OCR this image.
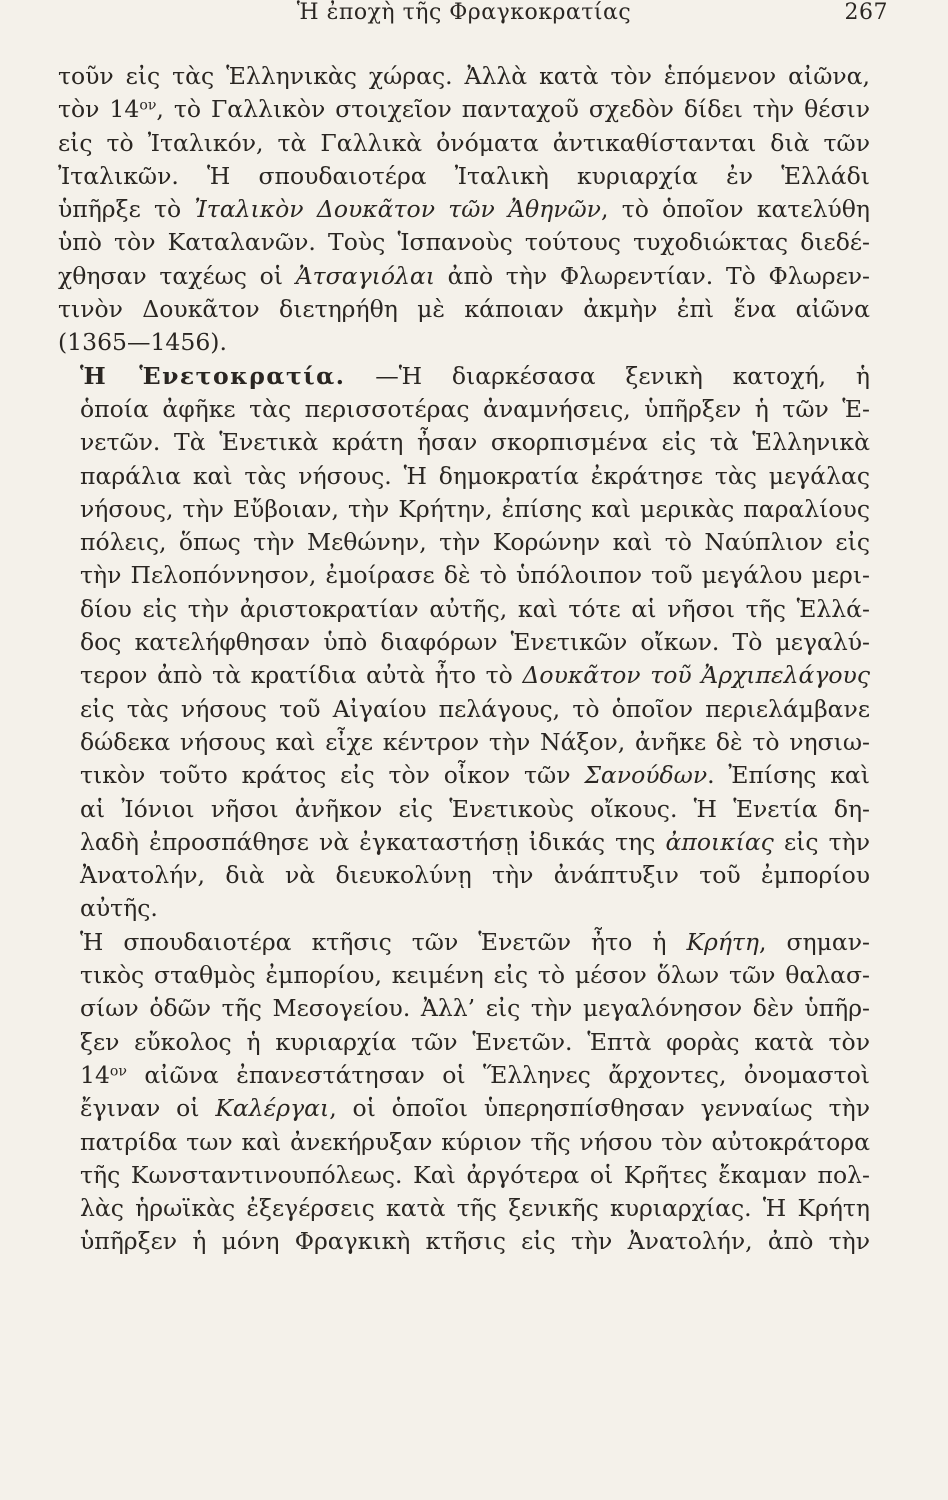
Ἡ ἐποχὴ τῆς Φραγκοκρατίας	267

τοῦν εἰς τὰς Ἑλληνικὰς χώρας. Ἀλλὰ κατὰ τὸν ἑπόμενον αἰῶνα,
τὸν $14^{o\nu}$, τὸ Γαλλικὸν στοιχεῖον πανταχοῦ σχεδὸν δίδει τὴν θέσιν
εἰς τὸ Ἰταλικόν, τὰ Γαλλικὰ ὀνόματα ἀντικαθίστανται διὰ τῶν
Ἰταλικῶν. Ἡ σπουδαιοτέρα Ἰταλικὴ κυριαρχία ἐν Ἑλλάδι
ὑπῆρξε τὸ Ἰταλικὸν Δουκᾶτον τῶν Ἀθηνῶν, τὸ ὁποῖον κατελύθη
ὑπὸ τὸν Καταλανῶν. Τοὺς Ἱσπανοὺς τούτους τυχοδιώκτας διεδέ-
χθησαν ταχέως οἱ Ἀτσαγιόλαι ἀπὸ τὴν Φλωρεντίαν. Τὸ Φλωρεν-
τινὸν Δουκᾶτον διετηρήθη μὲ κάποιαν ἀκμὴν ἐπὶ ἕνα αἰῶνα
(1365—1456).

Ἡ Ἑνετοκρατία. —Ἡ διαρκέσασα ξενικὴ κατοχή, ἡ
ὁποία ἀφῆκε τὰς περισσοτέρας ἀναμνήσεις, ὑπῆρξεν ἡ τῶν Ἑ-
νετῶν. Τὰ Ἑνετικὰ κράτη ἦσαν σκορπισμένα εἰς τὰ Ἑλληνικὰ
παράλια καὶ τὰς νήσους. Ἡ δημοκρατία ἐκράτησε τὰς μεγάλας
νήσους, τὴν Εὔβοιαν, τὴν Κρήτην, ἐπίσης καὶ μερικὰς παραλίους
πόλεις, ὅπως τὴν Μεθώνην, τὴν Κορώνην καὶ τὸ Ναύπλιον εἰς
τὴν Πελοπόννησον, ἐμοίρασε δὲ τὸ ὑπόλοιπον τοῦ μεγάλου μερι-
δίου εἰς τὴν ἀριστοκρατίαν αὐτῆς, καὶ τότε αἱ νῆσοι τῆς Ἑλλά-
δος κατελήφθησαν ὑπὸ διαφόρων Ἑνετικῶν οἴκων. Τὸ μεγαλύ-
τερον ἀπὸ τὰ κρατίδια αὐτὰ ἦτο τὸ Δουκᾶτον τοῦ Ἀρχιπελάγους
εἰς τὰς νήσους τοῦ Αἰγαίου πελάγους, τὸ ὁποῖον περιελάμβανε
δώδεκα νήσους καὶ εἶχε κέντρον τὴν Νάξον, ἀνῆκε δὲ τὸ νησιω-
τικὸν τοῦτο κράτος εἰς τὸν οἶκον τῶν Σανούδων. Ἐπίσης καὶ
αἱ Ἰόνιοι νῆσοι ἀνῆκον εἰς Ἑνετικοὺς οἴκους. Ἡ Ἑνετία δη-
λαδὴ ἐπροσπάθησε νὰ ἐγκαταστήσῃ ἰδικάς της ἀποικίας εἰς τὴν
Ἀνατολήν, διὰ νὰ διευκολύνῃ τὴν ἀνάπτυξιν τοῦ ἐμπορίου
αὐτῆς.

Ἡ σπουδαιοτέρα κτῆσις τῶν Ἑνετῶν ἦτο ἡ Κρήτη, σημαν-
τικὸς σταθμὸς ἐμπορίου, κειμένη εἰς τὸ μέσον ὅλων τῶν θαλασ-
σίων ὁδῶν τῆς Μεσογείου. Ἀλλ’ εἰς τὴν μεγαλόνησον δὲν ὑπῆρ-
ξεν εὔκολος ἡ κυριαρχία τῶν Ἑνετῶν. Ἑπτὰ φορὰς κατὰ τὸν
$14^{o\nu}$ αἰῶνα ἐπανεστάτησαν οἱ Ἕλληνες ἄρχοντες, ὀνομαστοὶ
ἔγιναν οἱ Καλέργαι, οἱ ὁποῖοι ὑπερησπίσθησαν γενναίως τὴν
πατρίδα των καὶ ἀνεκήρυξαν κύριον τῆς νήσου τὸν αὐτοκράτορα
τῆς Κωνσταντινουπόλεως. Καὶ ἀργότερα οἱ Κρῆτες ἔκαμαν πολ-
λὰς ἡρωϊκὰς ἐξεγέρσεις κατὰ τῆς ξενικῆς κυριαρχίας. Ἡ Κρήτη
ὑπῆρξεν ἡ μόνη Φραγκικὴ κτῆσις εἰς τὴν Ἀνατολήν, ἀπὸ τὴν
